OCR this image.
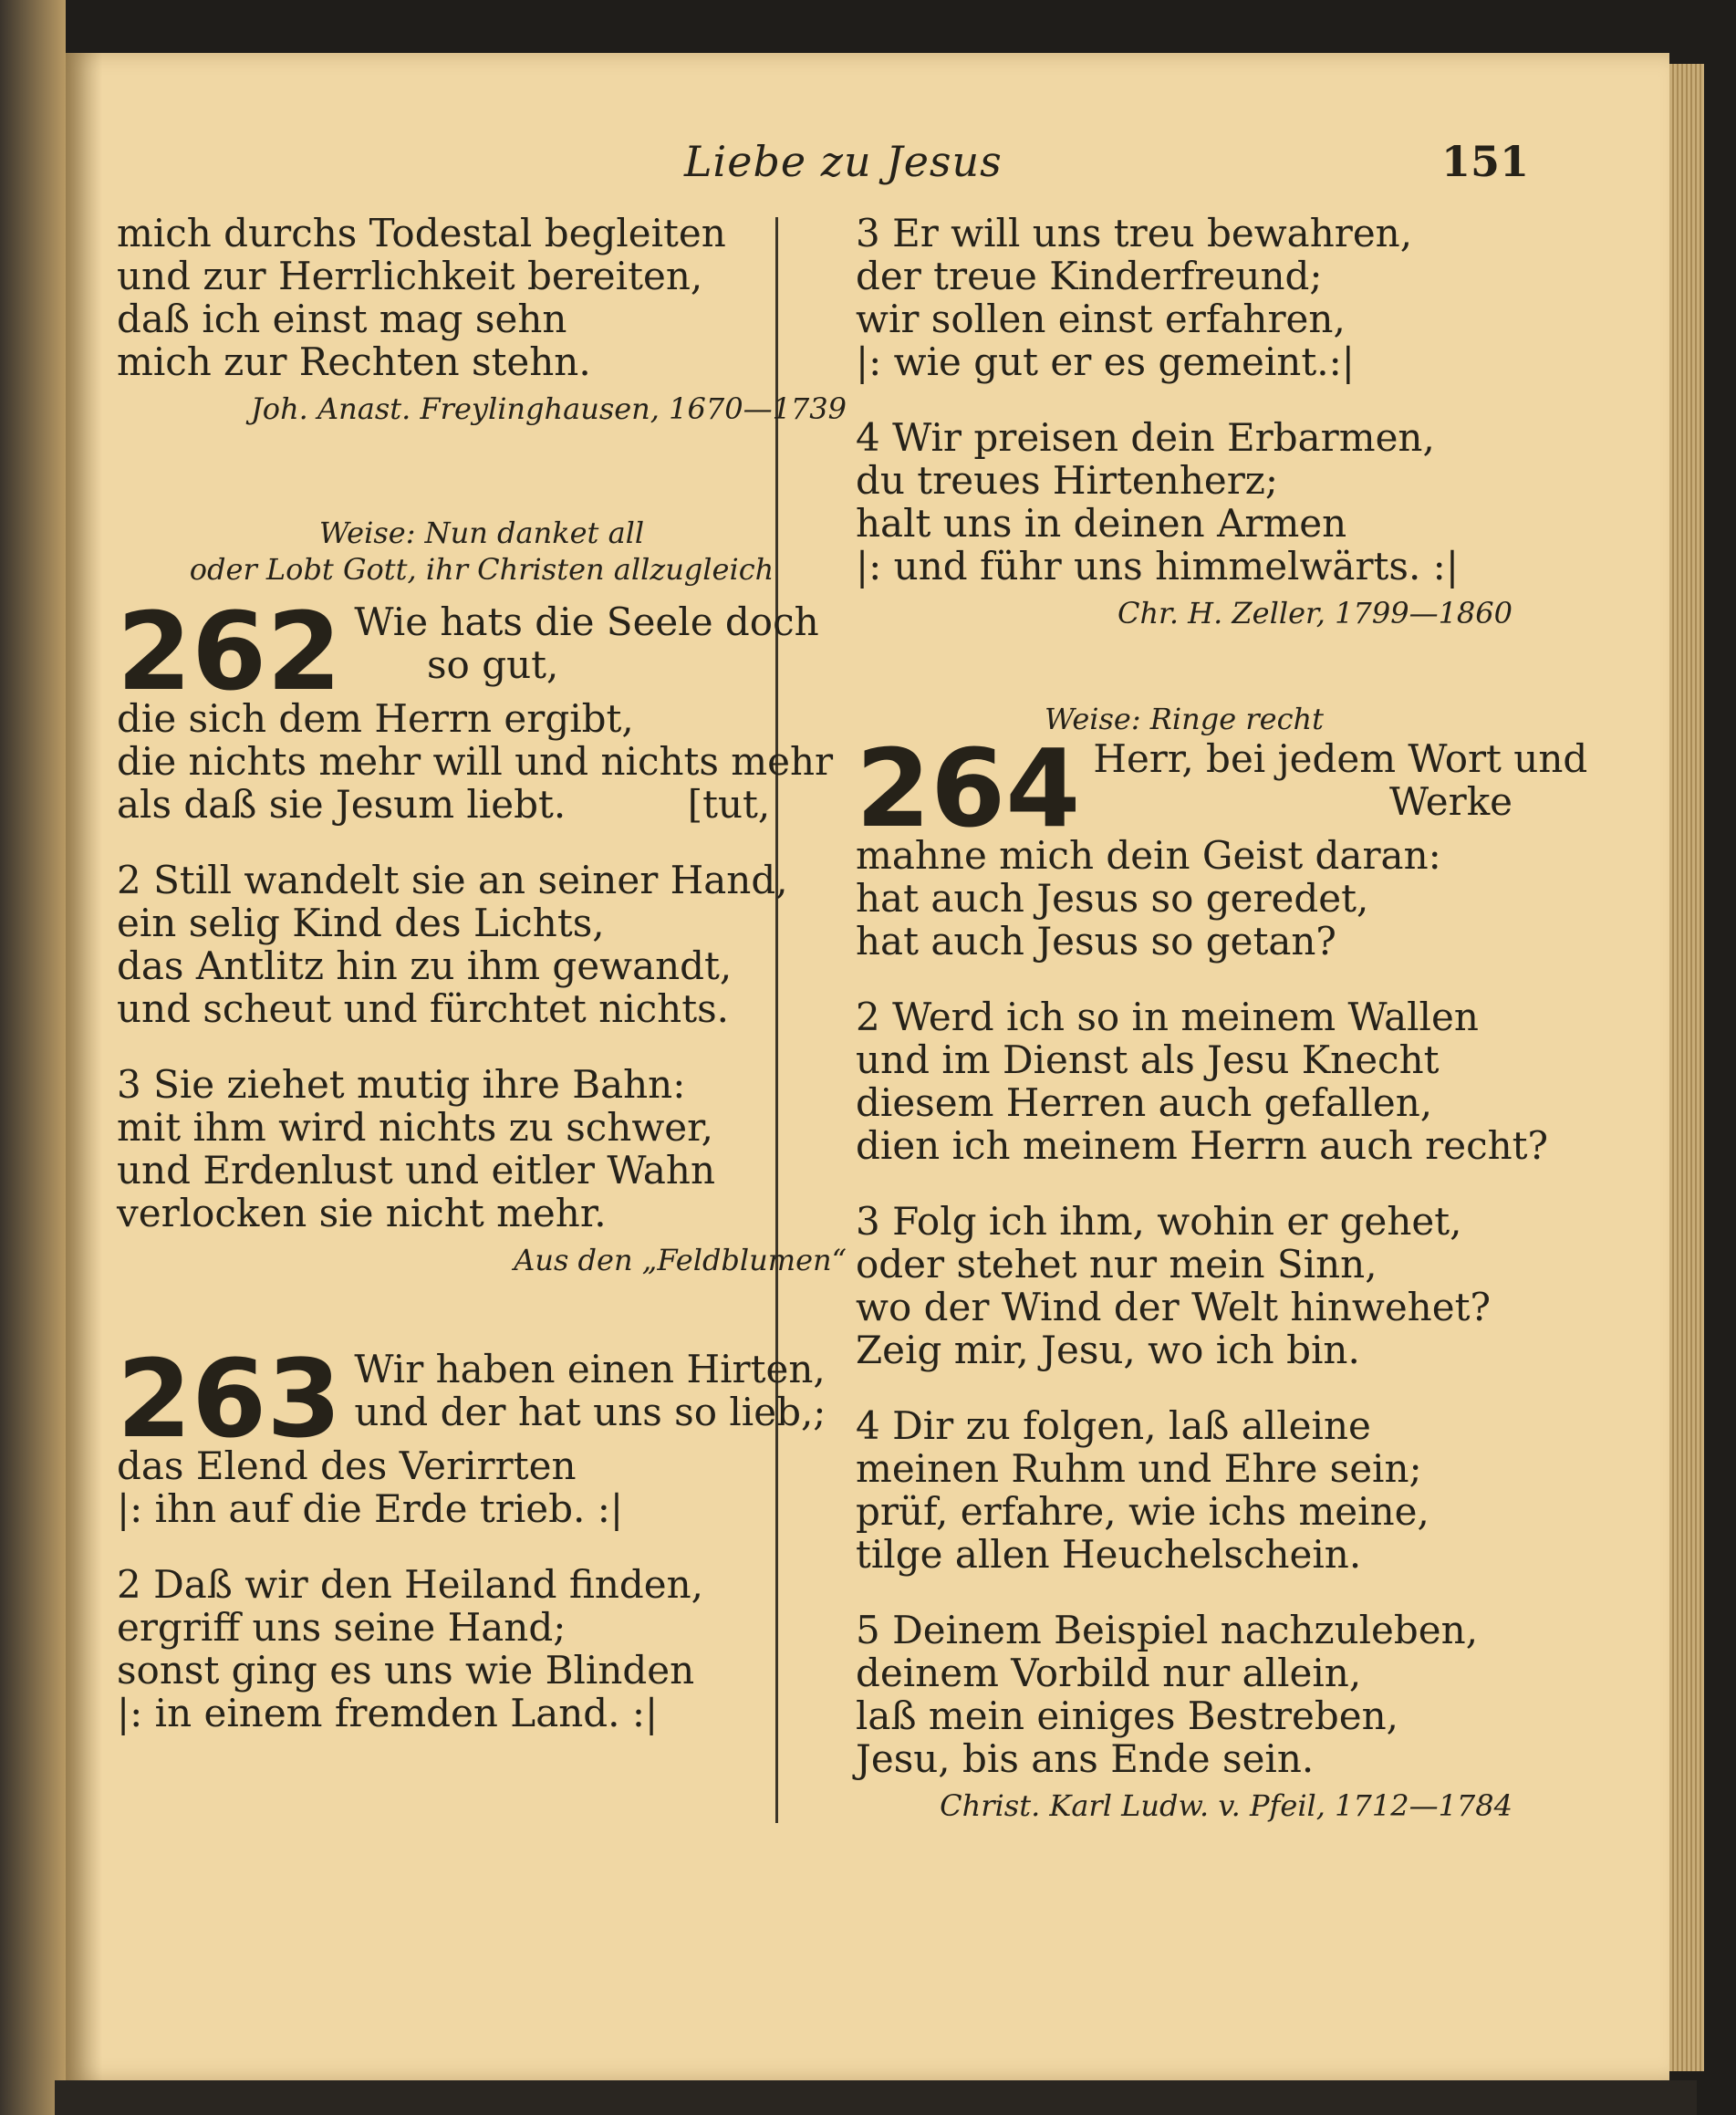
Liebe zu Jesus	151
mich durchs Todestal begleiten
und zur Herrlichkeit bereiten,
daß ich einst mag sehn
mich zur Rechten stehn.
Joh. Anast. Freylinghausen, 1670—1739
Weise: Nun danket all
oder Lobt Gott, ihr Christen allzugleich
262 Wie hats die Seele doch
so gut,
die sich dem Herrn ergibt,
die nichts mehr will und nichts mehr
als daß sie Jesum liebt.          [tut,
2 Still wandelt sie an seiner Hand,
ein selig Kind des Lichts,
das Antlitz hin zu ihm gewandt,
und scheut und fürchtet nichts.
3 Sie ziehet mutig ihre Bahn:
mit ihm wird nichts zu schwer,
und Erdenlust und eitler Wahn
verlocken sie nicht mehr.
Aus den „Feldblumen“
263 Wir haben einen Hirten,
und der hat uns so lieb,;
das Elend des Verirrten
|: ihn auf die Erde trieb. :|
2 Daß wir den Heiland finden,
ergriff uns seine Hand;
sonst ging es uns wie Blinden
|: in einem fremden Land. :|
3 Er will uns treu bewahren,
der treue Kinderfreund;
wir sollen einst erfahren,
|: wie gut er es gemeint.:|
4 Wir preisen dein Erbarmen,
du treues Hirtenherz;
halt uns in deinen Armen
|: und führ uns himmelwärts. :|
Chr. H. Zeller, 1799—1860
Weise: Ringe recht
264 Herr, bei jedem Wort und
Werke
mahne mich dein Geist daran:
hat auch Jesus so geredet,
hat auch Jesus so getan?
2 Werd ich so in meinem Wallen
und im Dienst als Jesu Knecht
diesem Herren auch gefallen,
dien ich meinem Herrn auch recht?
3 Folg ich ihm, wohin er gehet,
oder stehet nur mein Sinn,
wo der Wind der Welt hinwehet?
Zeig mir, Jesu, wo ich bin.
4 Dir zu folgen, laß alleine
meinen Ruhm und Ehre sein;
prüf, erfahre, wie ichs meine,
tilge allen Heuchelschein.
5 Deinem Beispiel nachzuleben,
deinem Vorbild nur allein,
laß mein einiges Bestreben,
Jesu, bis ans Ende sein.
Christ. Karl Ludw. v. Pfeil, 1712—1784
